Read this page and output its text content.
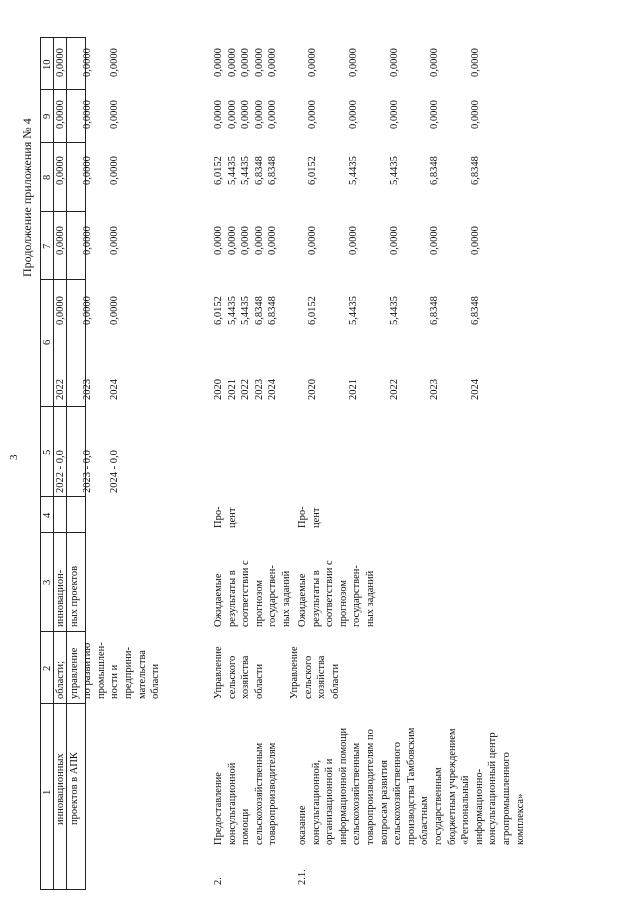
3
Продолжение приложения № 4
1
2
3
4
5
6
7
8
9
10
инновационных
проектов в АПК
области;
управление
по развитию
промышлен-
ности и
предприни-
мательства
области
инновацион-
ных проектов
2022 - 0,0

2023 - 0,0

2024 - 0,0
2022

2023

2024
0,0000

0,0000

0,0000
0,0000

0,0000

0,0000
0,0000

0,0000

0,0000
0,0000

0,0000

0,0000
0,0000

0,0000

0,0000
2.
Предоставление
консультационной
помощи
сельскохозяйственным
товаропроизводителям
Управление
сельского
хозяйства
области
Ожидаемые
результаты в
соответствии с
прогнозом
государствен-
ных заданий
Про-
цент
2020
2021
2022
2023
2024
6,0152
5,4435
5,4435
6,8348
6,8348
0,0000
0,0000
0,0000
0,0000
0,0000
6,0152
5,4435
5,4435
6,8348
6,8348
0,0000
0,0000
0,0000
0,0000
0,0000
0,0000
0,0000
0,0000
0,0000
0,0000
2.1.
оказание
консультационной,
организационной и
информационной помощи
сельскохозяйственным
товаропроизводителям по
вопросам развития
сельскохозяйственного
производства Тамбовским
областным
государственным
бюджетным учреждением
«Региональный
информационно-
консультационный центр
агропромышленного
комплекса»
Управление
сельского
хозяйства
области
Ожидаемые
результаты в
соответствии с
прогнозом
государствен-
ных заданий
Про-
цент
2020

2021

2022

2023

2024
6,0152

5,4435

5,4435

6,8348

6,8348
0,0000

0,0000

0,0000

0,0000

0,0000
6,0152

5,4435

5,4435

6,8348

6,8348
0,0000

0,0000

0,0000

0,0000

0,0000
0,0000

0,0000

0,0000

0,0000

0,0000
